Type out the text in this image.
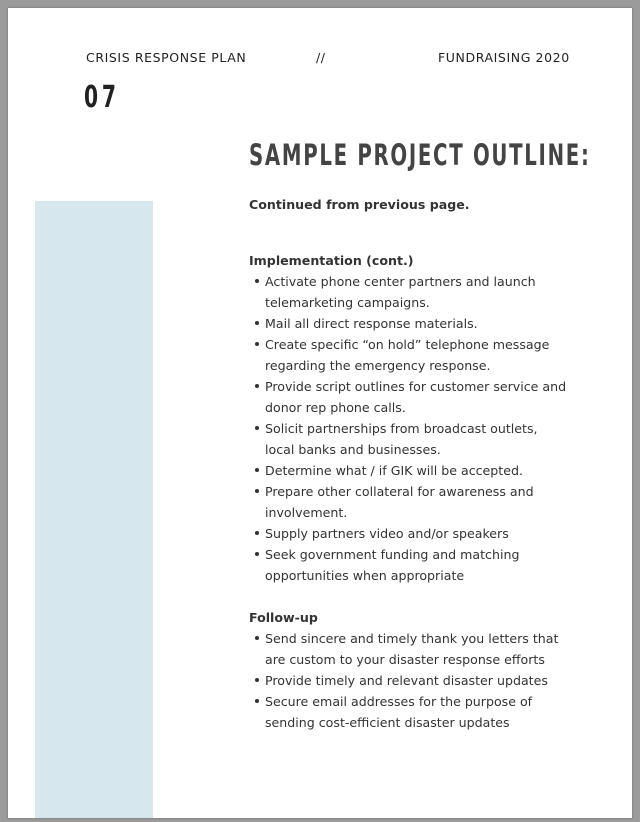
CRISIS RESPONSE PLAN	//	FUNDRAISING 2020
07
SAMPLE PROJECT OUTLINE:

Continued from previous page.

Implementation (cont.)

Activate phone center partners and launch telemarketing campaigns.
Mail all direct response materials.
Create specific “on hold” telephone message regarding the emergency response.
Provide script outlines for customer service and donor rep phone calls.
Solicit partnerships from broadcast outlets, local banks and businesses.
Determine what / if GIK will be accepted.
Prepare other collateral for awareness and involvement.
Supply partners video and/or speakers
Seek government funding and matching opportunities when appropriate

Follow-up

Send sincere and timely thank you letters that are custom to your disaster response efforts
Provide timely and relevant disaster updates
Secure email addresses for the purpose of sending cost-efficient disaster updates
